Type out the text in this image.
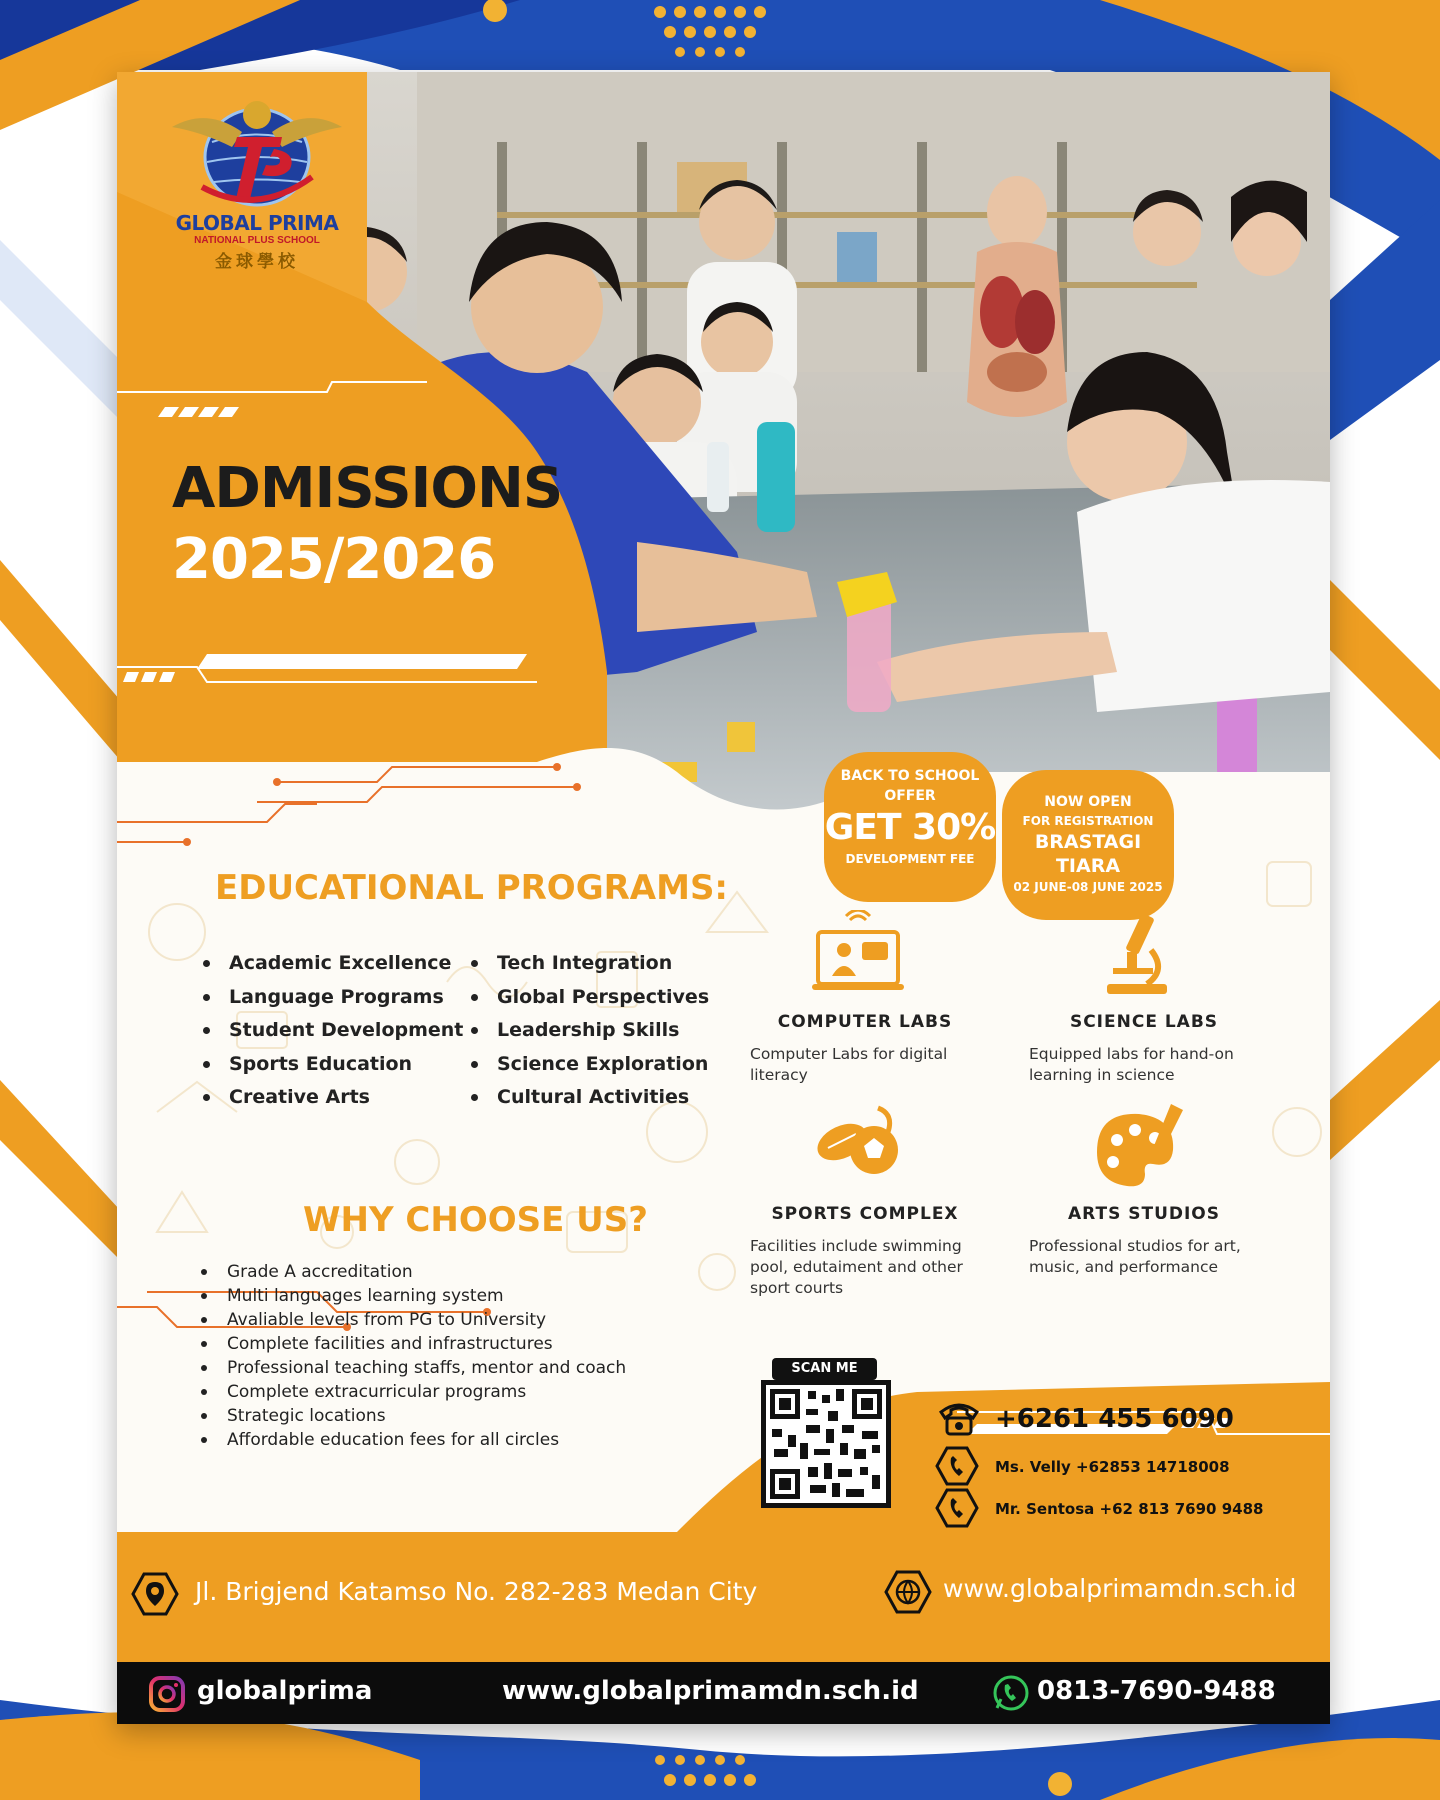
GLOBAL PRIMA
NATIONAL PLUS SCHOOL
金球學校
ADMISSIONS
2025/2026
BACK TO SCHOOL
OFFER
GET 30%
DEVELOPMENT FEE
NOW OPEN
FOR REGISTRATION
BRASTAGI TIARA
02 JUNE-08 JUNE 2025
EDUCATIONAL PROGRAMS:
Academic Excellence
Language Programs
Student Development
Sports Education
Creative Arts
Tech Integration
Global Perspectives
Leadership Skills
Science Exploration
Cultural Activities
WHY CHOOSE US?
Grade A accreditation
Multi languages learning system
Avaliable levels from PG to University
Complete facilities and infrastructures
Professional teaching staffs, mentor and coach
Complete extracurricular programs
Strategic locations
Affordable education fees for all circles
COMPUTER LABS
Computer Labs for digital literacy
SCIENCE LABS
Equipped labs for hand-on learning in science
SPORTS COMPLEX
Facilities include swimming pool, edutaiment and other sport courts
ARTS STUDIOS
Professional studios for art, music, and performance
SCAN ME
+6261 455 6090
Ms. Velly +62853 14718008
Mr. Sentosa +62 813 7690 9488
Jl. Brigjend Katamso No. 282-283 Medan City	www.globalprimamdn.sch.id
globalprima	www.globalprimamdn.sch.id	0813-7690-9488
